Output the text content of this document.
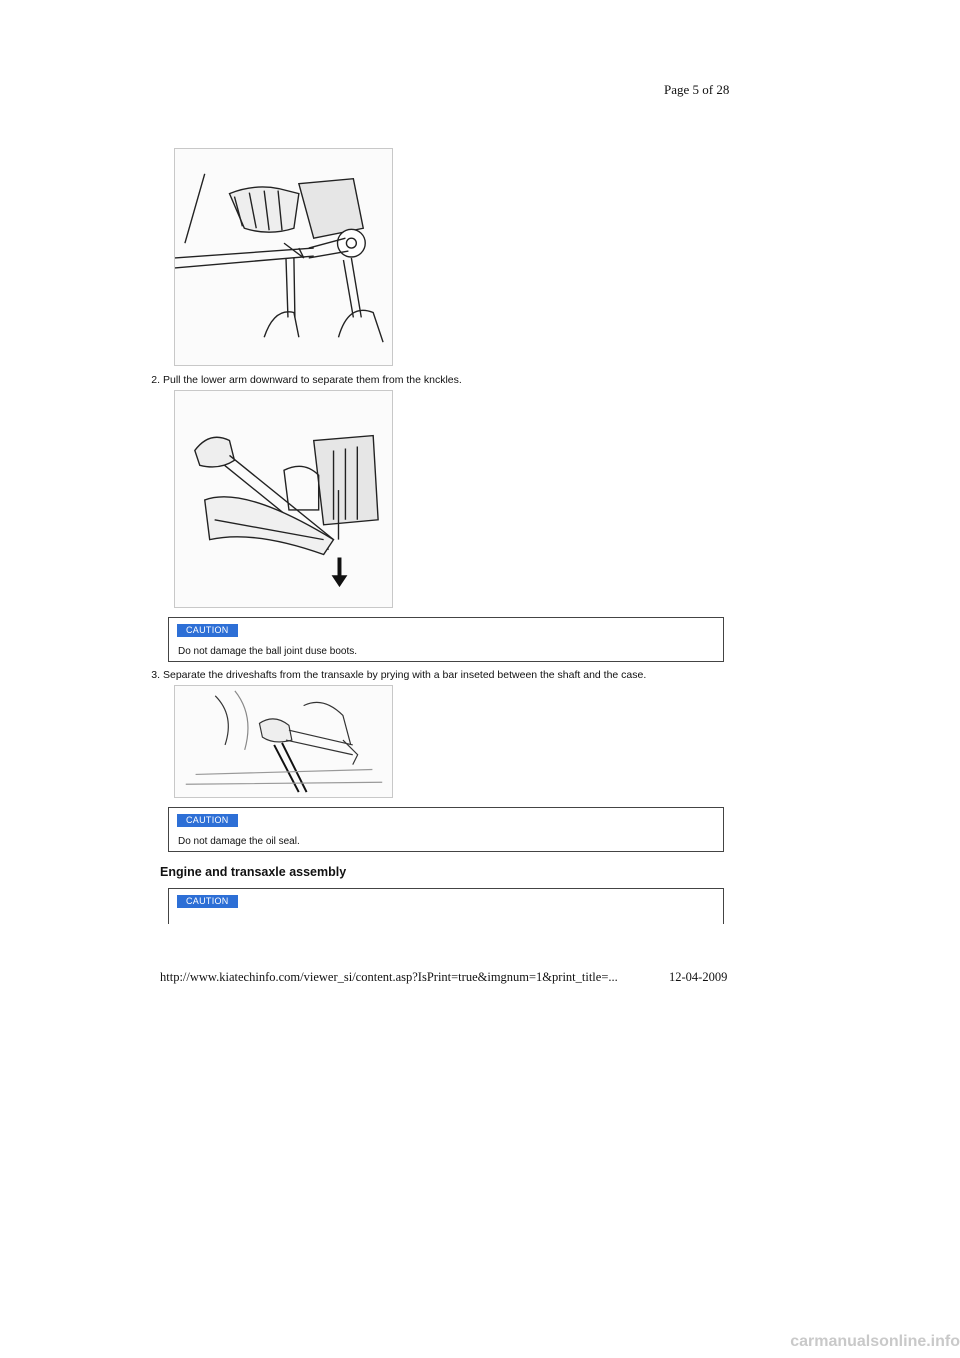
Page 5 of 28
2. Pull the lower arm downward to separate them from the knckles.
CAUTION
Do not damage the ball joint duse boots.
3. Separate the driveshafts from the transaxle by prying with a bar inseted between the shaft and the case.
CAUTION
Do not damage the oil seal.
Engine and transaxle assembly
CAUTION
http://www.kiatechinfo.com/viewer_si/content.asp?IsPrint=true&imgnum=1&print_title=...	12-04-2009
carmanualsonline.info
